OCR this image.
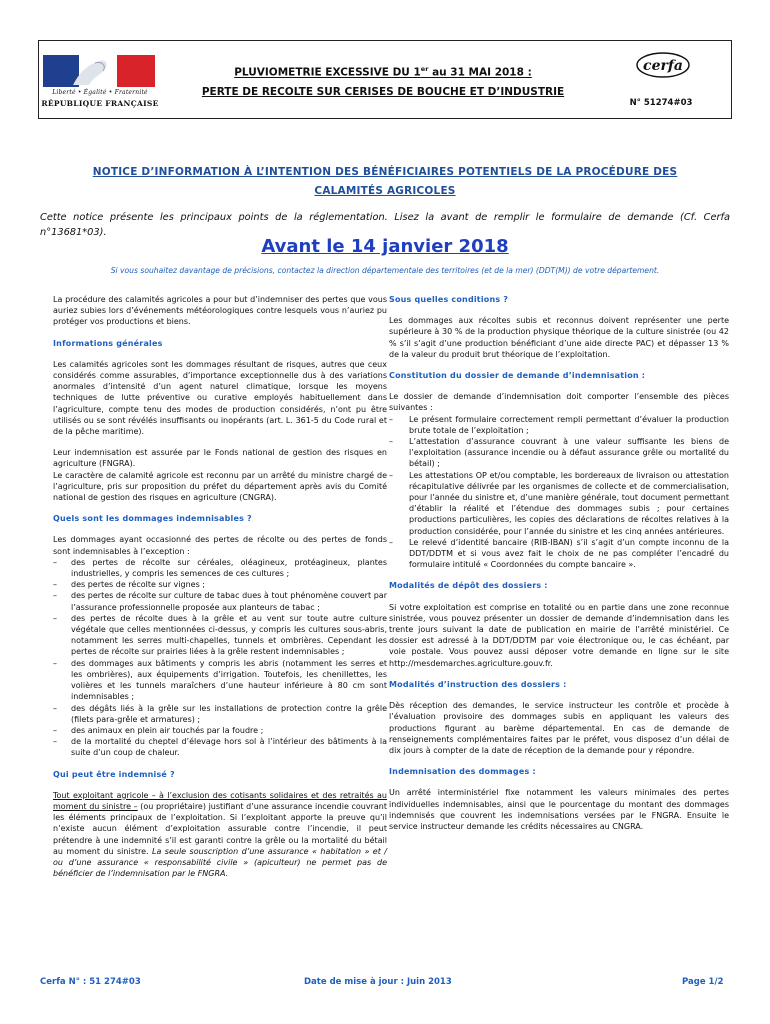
Liberté • Égalité • Fraternité
RÉPUBLIQUE FRANÇAISE
PLUVIOMETRIE EXCESSIVE DU 1er au 31 MAI 2018 :
PERTE DE RECOLTE SUR CERISES DE BOUCHE ET D’INDUSTRIE
cerfa
N° 51274#03
NOTICE D’INFORMATION À L’INTENTION DES BÉNÉFICIAIRES POTENTIELS DE LA PROCÉDURE DES CALAMITÉS AGRICOLES
Cette notice présente les principaux points de la réglementation. Lisez la avant de remplir le formulaire de demande (Cf. Cerfa n°13681*03).
Avant le 14 janvier 2018
Si vous souhaitez davantage de précisions, contactez la direction départementale des territoires (et de la mer) (DDT(M)) de votre département.

La procédure des calamités agricoles a pour but d’indemniser des pertes que vous auriez subies lors d’événements météorologiques contre lesquels vous n’auriez pu protéger vos productions et biens.

Informations générales

Les calamités agricoles sont les dommages résultant de risques, autres que ceux considérés comme assurables, d’importance exceptionnelle dus à des variations anormales d’intensité d’un agent naturel climatique, lorsque les moyens techniques de lutte préventive ou curative employés habituellement dans l’agriculture, compte tenu des modes de production considérés, n’ont pu être utilisés ou se sont révélés insuffisants ou inopérants (art. L. 361-5 du Code rural et de la pêche maritime).

Leur indemnisation est assurée par le Fonds national de gestion des risques en agriculture (FNGRA).

Le caractère de calamité agricole est reconnu par un arrêté du ministre chargé de l’agriculture, pris sur proposition du préfet du département après avis du Comité national de gestion des risques en agriculture (CNGRA).

Quels sont les dommages indemnisables ?

Les dommages ayant occasionné des pertes de récolte ou des pertes de fonds sont indemnisables à l’exception :

– des pertes de récolte sur céréales, oléagineux, protéagineux, plantes industrielles, y compris les semences de ces cultures ;
– des pertes de récolte sur vignes ;
– des pertes de récolte sur culture de tabac dues à tout phénomène couvert par l’assurance professionnelle proposée aux planteurs de tabac ;
– des pertes de récolte dues à la grêle et au vent sur toute autre culture végétale que celles mentionnées ci-dessus, y compris les cultures sous-abris, notamment les serres multi-chapelles, tunnels et ombrières. Cependant les pertes de récolte sur prairies liées à la grêle restent indemnisables ;
– des dommages aux bâtiments y compris les abris (notamment les serres et les ombrières), aux équipements d’irrigation. Toutefois, les chenillettes, les volières et les tunnels maraîchers d’une hauteur inférieure à 80 cm sont indemnisables ;
– des dégâts liés à la grêle sur les installations de protection contre la grêle (filets para-grêle et armatures) ;
– des animaux en plein air touchés par la foudre ;
– de la mortalité du cheptel d’élevage hors sol à l’intérieur des bâtiments à la suite d’un coup de chaleur.
Qui peut être indemnisé ?

Tout exploitant agricole – à l’exclusion des cotisants solidaires et des retraités au moment du sinistre – (ou propriétaire) justifiant d’une assurance incendie couvrant les éléments principaux de l’exploitation. Si l’exploitant apporte la preuve qu’il n’existe aucun élément d’exploitation assurable contre l’incendie, il peut prétendre à une indemnité s’il est garanti contre la grêle ou la mortalité du bétail au moment du sinistre. La seule souscription d’une assurance « habitation » et / ou d’une assurance « responsabilité civile » (apiculteur) ne permet pas de bénéficier de l’indemnisation par le FNGRA.

Sous quelles conditions ?

Les dommages aux récoltes subis et reconnus doivent représenter une perte supérieure à 30 % de la production physique théorique de la culture sinistrée (ou 42 % s’il s’agit d’une production bénéficiant d’une aide directe PAC) et dépasser 13 % de la valeur du produit brut théorique de l’exploitation.

Constitution du dossier de demande d’indemnisation :

Le dossier de demande d’indemnisation doit comporter l’ensemble des pièces suivantes :

– Le présent formulaire correctement rempli permettant d’évaluer la production brute totale de l’exploitation ;
– L’attestation d’assurance couvrant à une valeur suffisante les biens de l’exploitation (assurance incendie ou à défaut assurance grêle ou mortalité du bétail) ;
– Les attestations OP et/ou comptable, les bordereaux de livraison ou attestation récapitulative délivrée par les organismes de collecte et de commercialisation, pour l’année du sinistre et, d’une manière générale, tout document permettant d’établir la réalité et l’étendue des dommages subis ; pour certaines productions particulières, les copies des déclarations de récoltes relatives à la production considérée, pour l’année du sinistre et les cinq années antérieures.
– Le relevé d’identité bancaire (RIB-IBAN) s’il s’agit d’un compte inconnu de la DDT/DDTM et si vous avez fait le choix de ne pas compléter l’encadré du formulaire intitulé « Coordonnées du compte bancaire ».
Modalités de dépôt des dossiers :

Si votre exploitation est comprise en totalité ou en partie dans une zone reconnue sinistrée, vous pouvez présenter un dossier de demande d’indemnisation dans les trente jours suivant la date de publication en mairie de l’arrêté ministériel. Ce dossier est adressé à la DDT/DDTM par voie électronique ou, le cas échéant, par voie postale. Vous pouvez aussi déposer votre demande en ligne sur le site http://mesdemarches.agriculture.gouv.fr.

Modalités d’instruction des dossiers :

Dès réception des demandes, le service instructeur les contrôle et procède à l’évaluation provisoire des dommages subis en appliquant les valeurs des productions figurant au barème départemental. En cas de demande de renseignements complémentaires faites par le préfet, vous disposez d’un délai de dix jours à compter de la date de réception de la demande pour y répondre.

Indemnisation des dommages :

Un arrêté interministériel fixe notamment les valeurs minimales des pertes individuelles indemnisables, ainsi que le pourcentage du montant des dommages indemnisés que couvrent les indemnisations versées par le FNGRA. Ensuite le service instructeur demande les crédits nécessaires au CNGRA.

Cerfa N° : 51 274#03	Date de mise à jour : Juin 2013	Page 1/2
